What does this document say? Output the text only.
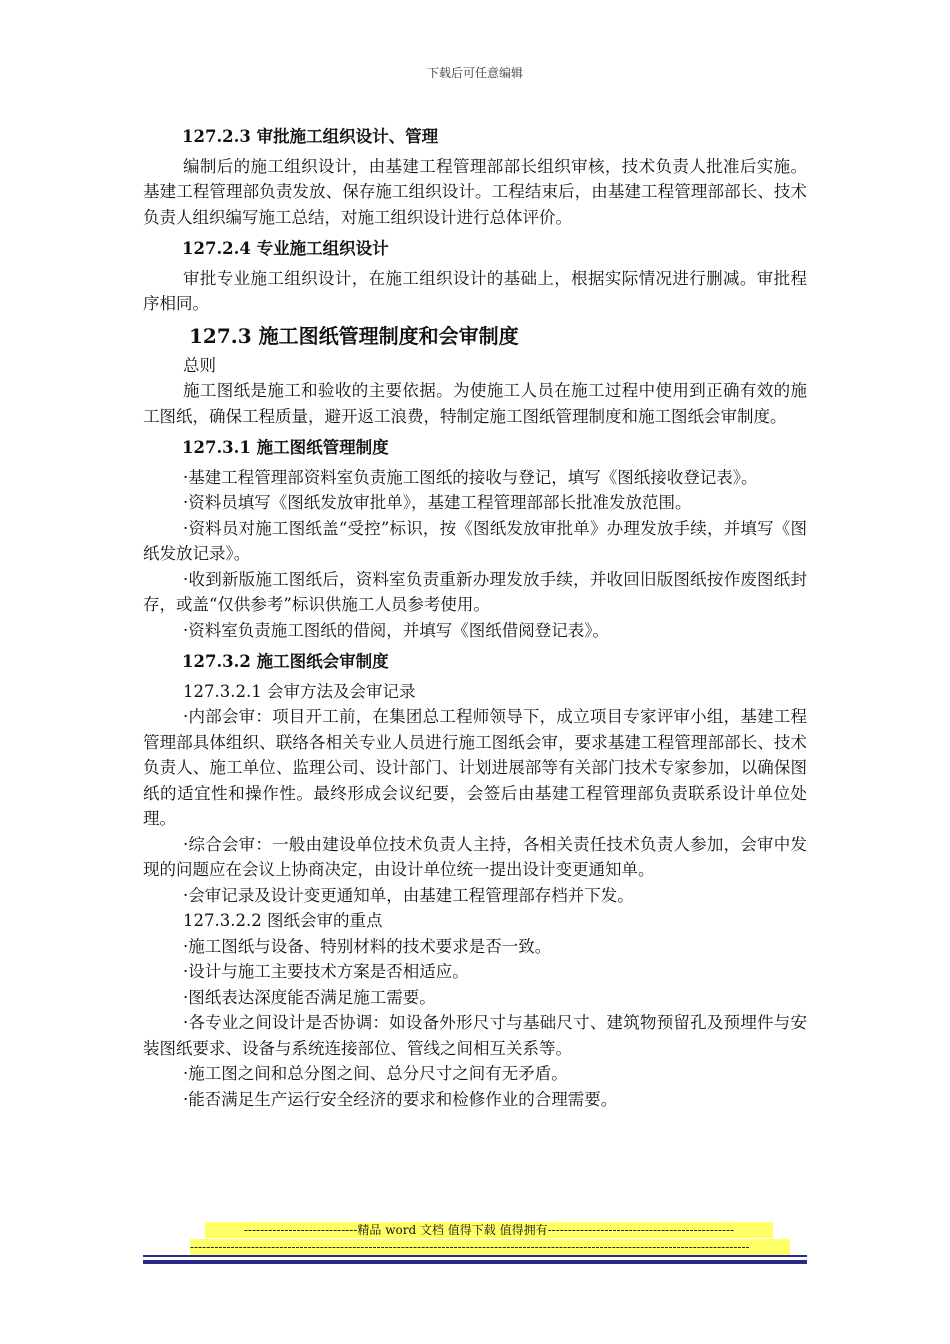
下载后可任意编辑
127.2.3 审批施工组织设计、管理

编制后的施工组织设计，由基建工程管理部部长组织审核，技术负责人批准后实施。基建工程管理部负责发放、保存施工组织设计。工程结束后，由基建工程管理部部长、技术负责人组织编写施工总结，对施工组织设计进行总体评价。

127.2.4 专业施工组织设计

审批专业施工组织设计，在施工组织设计的基础上，根据实际情况进行删减。审批程序相同。

127.3 施工图纸管理制度和会审制度

总则

施工图纸是施工和验收的主要依据。为使施工人员在施工过程中使用到正确有效的施工图纸，确保工程质量，避开返工浪费，特制定施工图纸管理制度和施工图纸会审制度。

127.3.1 施工图纸管理制度

·基建工程管理部资料室负责施工图纸的接收与登记，填写《图纸接收登记表》。

·资料员填写《图纸发放审批单》，基建工程管理部部长批准发放范围。

·资料员对施工图纸盖“受控”标识，按《图纸发放审批单》办理发放手续，并填写《图纸发放记录》。

·收到新版施工图纸后，资料室负责重新办理发放手续，并收回旧版图纸按作废图纸封存，或盖“仅供参考”标识供施工人员参考使用。

·资料室负责施工图纸的借阅，并填写《图纸借阅登记表》。

127.3.2 施工图纸会审制度

127.3.2.1 会审方法及会审记录

·内部会审：项目开工前，在集团总工程师领导下，成立项目专家评审小组，基建工程管理部具体组织、联络各相关专业人员进行施工图纸会审，要求基建工程管理部部长、技术负责人、施工单位、监理公司、设计部门、计划进展部等有关部门技术专家参加，以确保图纸的适宜性和操作性。最终形成会议纪要，会签后由基建工程管理部负责联系设计单位处理。

·综合会审：一般由建设单位技术负责人主持，各相关责任技术负责人参加，会审中发现的问题应在会议上协商决定，由设计单位统一提出设计变更通知单。

·会审记录及设计变更通知单，由基建工程管理部存档并下发。

127.3.2.2 图纸会审的重点

·施工图纸与设备、特别材料的技术要求是否一致。

·设计与施工主要技术方案是否相适应。

·图纸表达深度能否满足施工需要。

·各专业之间设计是否协调：如设备外形尺寸与基础尺寸、建筑物预留孔及预埋件与安装图纸要求、设备与系统连接部位、管线之间相互关系等。

·施工图之间和总分图之间、总分尺寸之间有无矛盾。

·能否满足生产运行安全经济的要求和检修作业的合理需要。

----------------------------精品 word 文档 值得下载 值得拥有----------------------------------------------
------------------------------------------------------------------------------------------------------------------------------------------
